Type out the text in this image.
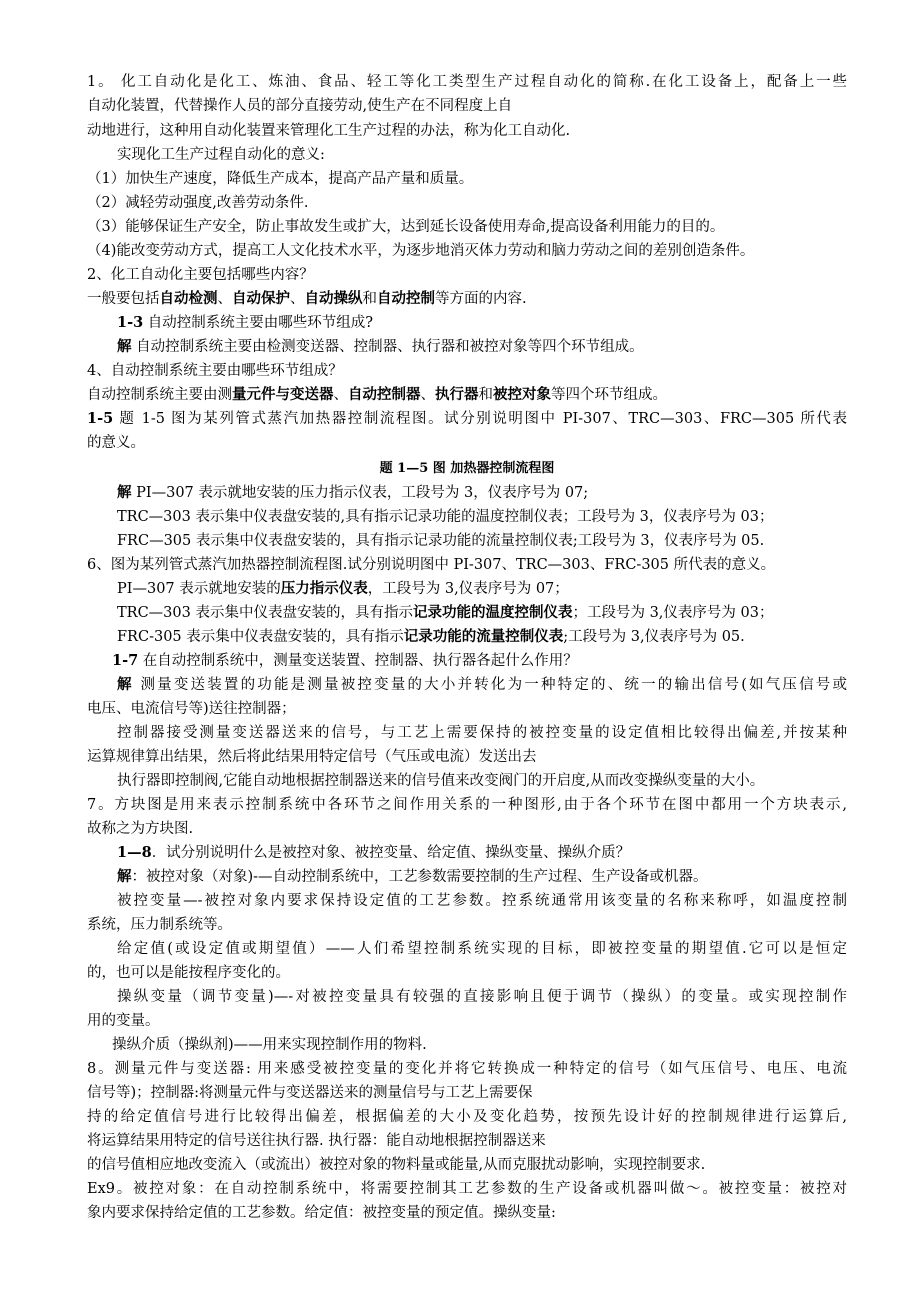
1。 化工自动化是化工、炼油、食品、轻工等化工类型生产过程自动化的简称.在化工设备上，配备上一些
自动化装置，代替操作人员的部分直接劳动,使生产在不同程度上自
动地进行，这种用自动化装置来管理化工生产过程的办法，称为化工自动化.
实现化工生产过程自动化的意义:
（1）加快生产速度，降低生产成本，提高产品产量和质量。
（2）减轻劳动强度,改善劳动条件.
（3）能够保证生产安全，防止事故发生或扩大，达到延长设备使用寿命,提高设备利用能力的目的。
（4)能改变劳动方式，提高工人文化技术水平，为逐步地消灭体力劳动和脑力劳动之间的差别创造条件。
2、化工自动化主要包括哪些内容？
一般要包括自动检测、自动保护、自动操纵和自动控制等方面的内容.
1-3 自动控制系统主要由哪些环节组成?
解 自动控制系统主要由检测变送器、控制器、执行器和被控对象等四个环节组成。
4、自动控制系统主要由哪些环节组成？
自动控制系统主要由测量元件与变送器、自动控制器、执行器和被控对象等四个环节组成。
1-5 题 1-5 图为某列管式蒸汽加热器控制流程图。试分别说明图中 PI-307、TRC—303、FRC—305 所代表
的意义。
题 1—5 图 加热器控制流程图
解 PI—307 表示就地安装的压力指示仪表，工段号为 3，仪表序号为 07;
TRC—303 表示集中仪表盘安装的,具有指示记录功能的温度控制仪表；工段号为 3，仪表序号为 03；
FRC—305 表示集中仪表盘安装的，具有指示记录功能的流量控制仪表;工段号为 3，仪表序号为 05.
6、图为某列管式蒸汽加热器控制流程图.试分别说明图中 PI-307、TRC—303、FRC-305 所代表的意义。
PI—307 表示就地安装的压力指示仪表，工段号为 3,仪表序号为 07；
TRC—303 表示集中仪表盘安装的，具有指示记录功能的温度控制仪表；工段号为 3,仪表序号为 03；
FRC-305 表示集中仪表盘安装的，具有指示记录功能的流量控制仪表;工段号为 3,仪表序号为 05.
1-7 在自动控制系统中，测量变送装置、控制器、执行器各起什么作用？
解 测量变送装置的功能是测量被控变量的大小并转化为一种特定的、统一的输出信号(如气压信号或
电压、电流信号等)送往控制器；
控制器接受测量变送器送来的信号，与工艺上需要保持的被控变量的设定值相比较得出偏差,并按某种
运算规律算出结果，然后将此结果用特定信号（气压或电流）发送出去
执行器即控制阀,它能自动地根据控制器送来的信号值来改变阀门的开启度,从而改变操纵变量的大小。
7。方块图是用来表示控制系统中各环节之间作用关系的一种图形,由于各个环节在图中都用一个方块表示,
故称之为方块图.
1—8．试分别说明什么是被控对象、被控变量、给定值、操纵变量、操纵介质？
解：被控对象（对象)-—自动控制系统中，工艺参数需要控制的生产过程、生产设备或机器。
被控变量—-被控对象内要求保持设定值的工艺参数。控系统通常用该变量的名称来称呼，如温度控制
系统，压力制系统等。
给定值(或设定值或期望值）——人们希望控制系统实现的目标，即被控变量的期望值.它可以是恒定
的，也可以是能按程序变化的。
操纵变量（调节变量)—-对被控变量具有较强的直接影响且便于调节（操纵）的变量。或实现控制作
用的变量。
操纵介质（操纵剂)——用来实现控制作用的物料.
8。测量元件与变送器: 用来感受被控变量的变化并将它转换成一种特定的信号（如气压信号、电压、电流
信号等)；控制器:将测量元件与变送器送来的测量信号与工艺上需要保
持的给定值信号进行比较得出偏差，根据偏差的大小及变化趋势，按预先设计好的控制规律进行运算后,
将运算结果用特定的信号送往执行器. 执行器：能自动地根据控制器送来
的信号值相应地改变流入（或流出）被控对象的物料量或能量,从而克服扰动影响，实现控制要求.
Ex9。被控对象：在自动控制系统中，将需要控制其工艺参数的生产设备或机器叫做～。被控变量：被控对
象内要求保持给定值的工艺参数。给定值：被控变量的预定值。操纵变量:
